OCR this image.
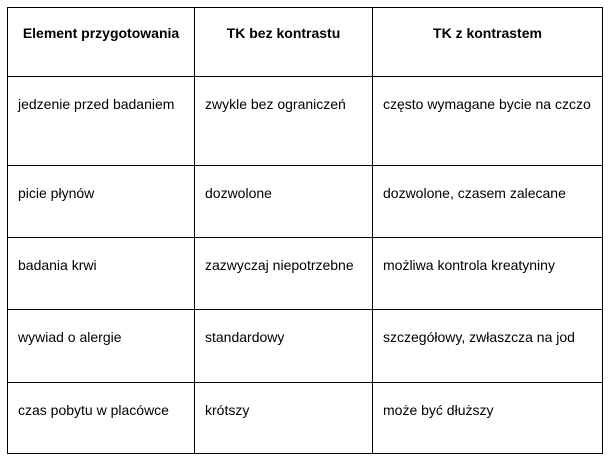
Element przygotowania	TK bez kontrastu	TK z kontrastem
jedzenie przed badaniem	zwykle bez ograniczeń	często wymagane bycie na czczo
picie płynów	dozwolone	dozwolone, czasem zalecane
badania krwi	zazwyczaj niepotrzebne	możliwa kontrola kreatyniny
wywiad o alergie	standardowy	szczegółowy, zwłaszcza na jod
czas pobytu w placówce	krótszy	może być dłuższy
